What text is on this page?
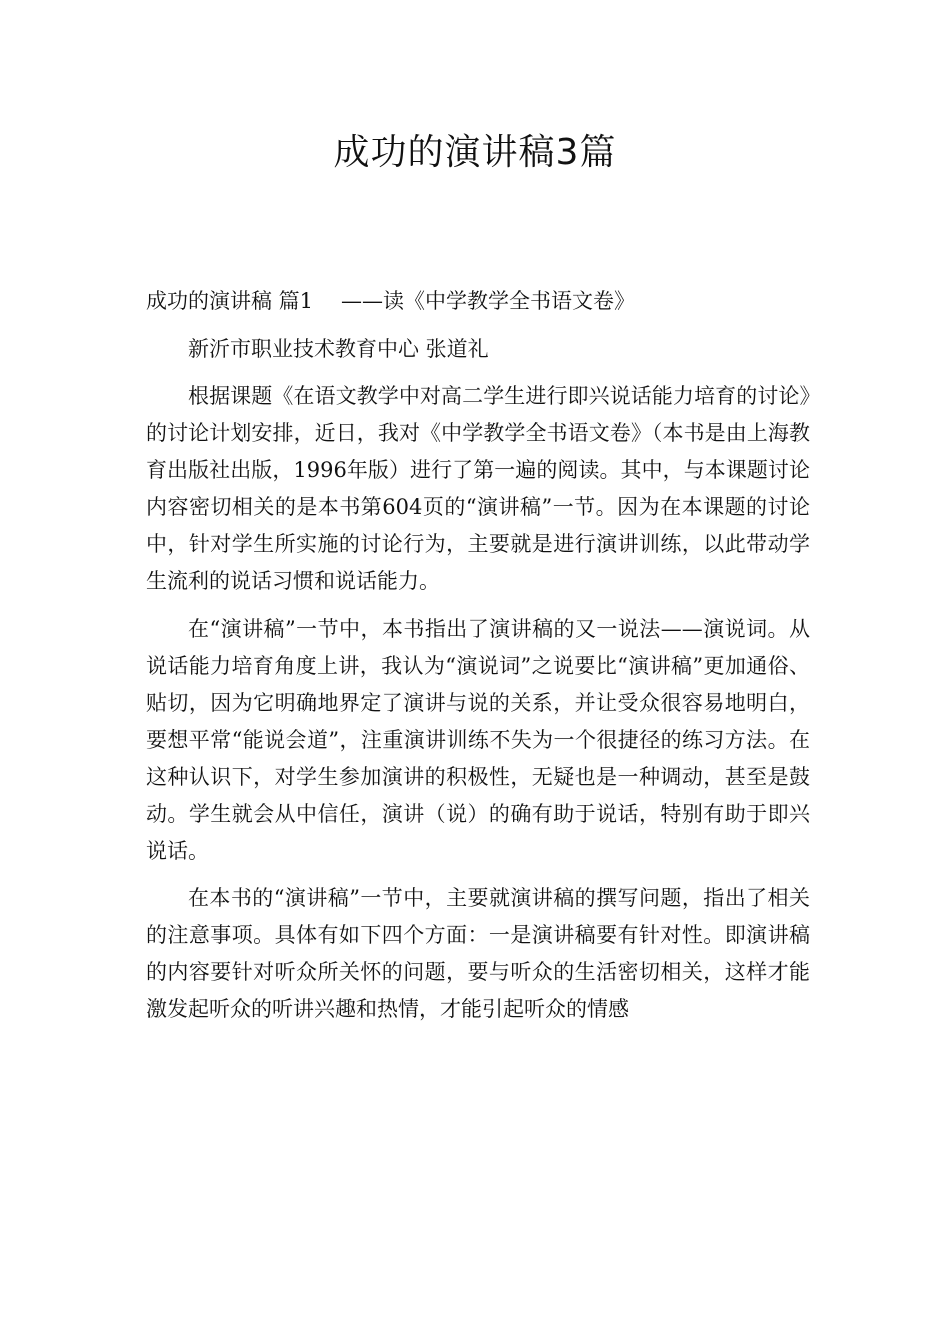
成功的演讲稿3篇

成功的演讲稿 篇1 ——读《中学教学全书语文卷》

新沂市职业技术教育中心 张道礼

根据课题《在语文教学中对高二学生进行即兴说话能力培育的讨论》的讨论计划安排，近日，我对《中学教学全书语文卷》（本书是由上海教育出版社出版，1996年版）进行了第一遍的阅读。其中，与本课题讨论内容密切相关的是本书第604页的“演讲稿”一节。因为在本课题的讨论中，针对学生所实施的讨论行为，主要就是进行演讲训练，以此带动学生流利的说话习惯和说话能力。

在“演讲稿”一节中，本书指出了演讲稿的又一说法——演说词。从说话能力培育角度上讲，我认为“演说词”之说要比“演讲稿”更加通俗、贴切，因为它明确地界定了演讲与说的关系，并让受众很容易地明白，要想平常“能说会道”，注重演讲训练不失为一个很捷径的练习方法。在这种认识下，对学生参加演讲的积极性，无疑也是一种调动，甚至是鼓动。学生就会从中信任，演讲（说）的确有助于说话，特别有助于即兴说话。

在本书的“演讲稿”一节中，主要就演讲稿的撰写问题，指出了相关的注意事项。具体有如下四个方面：一是演讲稿要有针对性。即演讲稿的内容要针对听众所关怀的问题，要与听众的生活密切相关，这样才能激发起听众的听讲兴趣和热情，才能引起听众的情感
